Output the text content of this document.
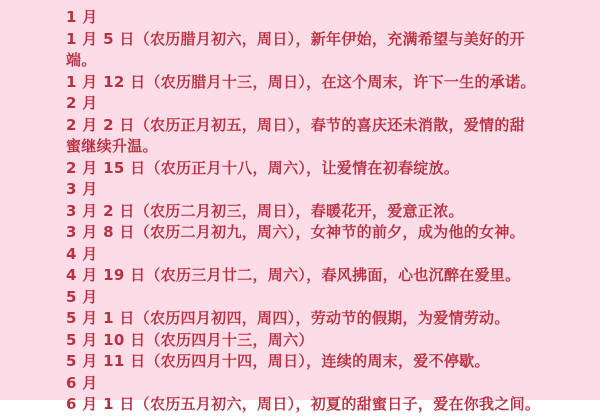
1 月
1 月 5 日（农历腊月初六，周日），新年伊始，充满希望与美好的开
端。
1 月 12 日（农历腊月十三，周日），在这个周末，许下一生的承诺。
2 月
2 月 2 日（农历正月初五，周日），春节的喜庆还未消散，爱情的甜
蜜继续升温。
2 月 15 日（农历正月十八，周六），让爱情在初春绽放。
3 月
3 月 2 日（农历二月初三，周日），春暖花开，爱意正浓。
3 月 8 日（农历二月初九，周六），女神节的前夕，成为他的女神。
4 月
4 月 19 日（农历三月廿二，周六），春风拂面，心也沉醉在爱里。
5 月
5 月 1 日（农历四月初四，周四），劳动节的假期，为爱情劳动。
5 月 10 日（农历四月十三，周六）
5 月 11 日（农历四月十四，周日），连续的周末，爱不停歇。
6 月
6 月 1 日（农历五月初六，周日），初夏的甜蜜日子，爱在你我之间。
